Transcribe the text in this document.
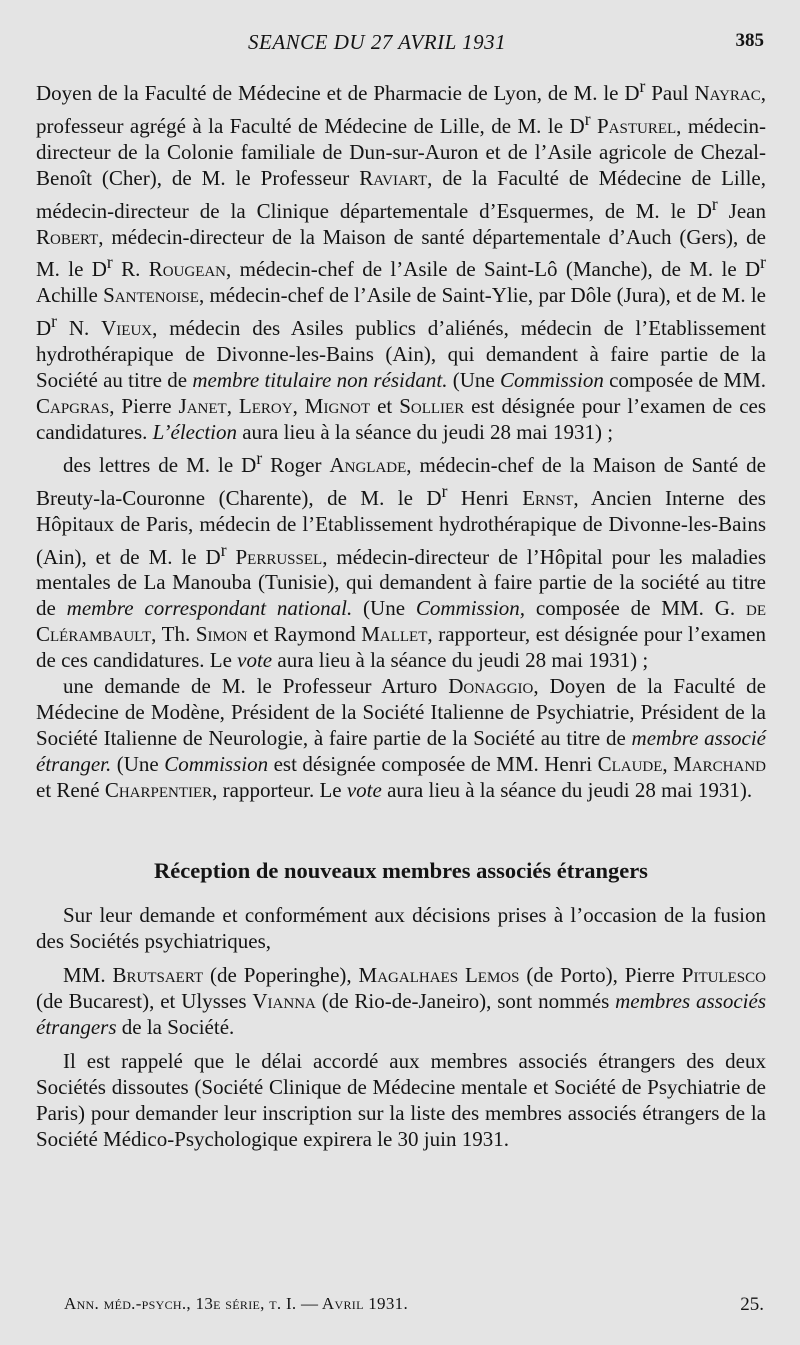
SEANCE DU 27 AVRIL 1931	385

Doyen de la Faculté de Médecine et de Pharmacie de Lyon, de M. le $D^r$ Paul Nayrac, professeur agrégé à la Faculté de Médecine de Lille, de M. le $D^r$ Pasturel, médecin-directeur de la Colonie familiale de Dun-sur-Auron et de l’Asile agricole de Chezal-Benoît (Cher), de M. le Professeur Raviart, de la Faculté de Médecine de Lille, médecin-directeur de la Clinique départementale d’Esquermes, de M. le $D^r$ Jean Robert, médecin-directeur de la Maison de santé départementale d’Auch (Gers), de M. le $D^r$ R. Rougean, médecin-chef de l’Asile de Saint-Lô (Manche), de M. le $D^r$ Achille Santenoise, médecin-chef de l’Asile de Saint-Ylie, par Dôle (Jura), et de M. le $D^r$ N. Vieux, médecin des Asiles publics d’aliénés, médecin de l’Etablissement hydrothérapique de Divonne-les-Bains (Ain), qui demandent à faire partie de la Société au titre de membre titulaire non résidant. (Une Commission composée de MM. Capgras, Pierre Janet, Leroy, Mignot et Sollier est désignée pour l’examen de ces candidatures. L’élection aura lieu à la séance du jeudi 28 mai 1931) ;

des lettres de M. le $D^r$ Roger Anglade, médecin-chef de la Maison de Santé de Breuty-la-Couronne (Charente), de M. le $D^r$ Henri Ernst, Ancien Interne des Hôpitaux de Paris, médecin de l’Etablissement hydrothérapique de Divonne-les-Bains (Ain), et de M. le $D^r$ Perrussel, médecin-directeur de l’Hôpital pour les maladies mentales de La Manouba (Tunisie), qui demandent à faire partie de la société au titre de membre correspondant national. (Une Commission, composée de MM. G. de Clérambault, Th. Simon et Raymond Mallet, rapporteur, est désignée pour l’examen de ces candidatures. Le vote aura lieu à la séance du jeudi 28 mai 1931) ;

une demande de M. le Professeur Arturo Donaggio, Doyen de la Faculté de Médecine de Modène, Président de la Société Italienne de Psychiatrie, Président de la Société Italienne de Neurologie, à faire partie de la Société au titre de membre associé étranger. (Une Commission est désignée composée de MM. Henri Claude, Marchand et René Charpentier, rapporteur. Le vote aura lieu à la séance du jeudi 28 mai 1931).

Réception de nouveaux membres associés étrangers

Sur leur demande et conformément aux décisions prises à l’occasion de la fusion des Sociétés psychiatriques,

MM. Brutsaert (de Poperinghe), Magalhaes Lemos (de Porto), Pierre Pitulesco (de Bucarest), et Ulysses Vianna (de Rio-de-Janeiro), sont nommés membres associés étrangers de la Société.

Il est rappelé que le délai accordé aux membres associés étrangers des deux Sociétés dissoutes (Société Clinique de Médecine mentale et Société de Psychiatrie de Paris) pour demander leur inscription sur la liste des membres associés étrangers de la Société Médico-Psychologique expirera le 30 juin 1931.

Ann. méd.-psych., 13e série, t. I. — Avril 1931.	25.
